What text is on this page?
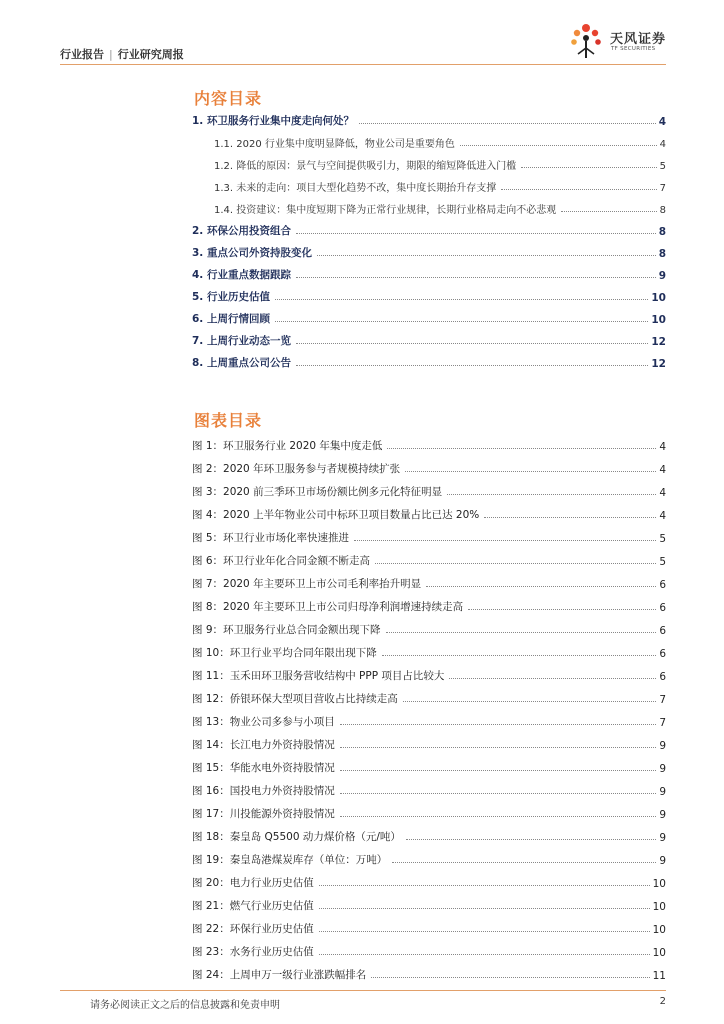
行业报告 | 行业研究周报
天风证券
TF SECURITIES
内容目录
1. 环卫服务行业集中度走向何处？	4
1.1. 2020 行业集中度明显降低，物业公司是重要角色	4
1.2. 降低的原因：景气与空间提供吸引力，期限的缩短降低进入门槛	5
1.3. 未来的走向：项目大型化趋势不改，集中度长期抬升存支撑	7
1.4. 投资建议：集中度短期下降为正常行业规律，长期行业格局走向不必悲观	8
2. 环保公用投资组合	8
3. 重点公司外资持股变化	8
4. 行业重点数据跟踪	9
5. 行业历史估值	10
6. 上周行情回顾	10
7. 上周行业动态一览	12
8. 上周重点公司公告	12
图表目录
图 1：环卫服务行业 2020 年集中度走低	4
图 2：2020 年环卫服务参与者规模持续扩张	4
图 3：2020 前三季环卫市场份额比例多元化特征明显	4
图 4：2020 上半年物业公司中标环卫项目数量占比已达 20%	4
图 5：环卫行业市场化率快速推进	5
图 6：环卫行业年化合同金额不断走高	5
图 7：2020 年主要环卫上市公司毛利率抬升明显	6
图 8：2020 年主要环卫上市公司归母净利润增速持续走高	6
图 9：环卫服务行业总合同金额出现下降	6
图 10：环卫行业平均合同年限出现下降	6
图 11：玉禾田环卫服务营收结构中 PPP 项目占比较大	6
图 12：侨银环保大型项目营收占比持续走高	7
图 13：物业公司多参与小项目	7
图 14：长江电力外资持股情况	9
图 15：华能水电外资持股情况	9
图 16：国投电力外资持股情况	9
图 17：川投能源外资持股情况	9
图 18：秦皇岛 Q5500 动力煤价格（元/吨）	9
图 19：秦皇岛港煤炭库存（单位：万吨）	9
图 20：电力行业历史估值	10
图 21：燃气行业历史估值	10
图 22：环保行业历史估值	10
图 23：水务行业历史估值	10
图 24：上周申万一级行业涨跌幅排名	11
请务必阅读正文之后的信息披露和免责申明	2
